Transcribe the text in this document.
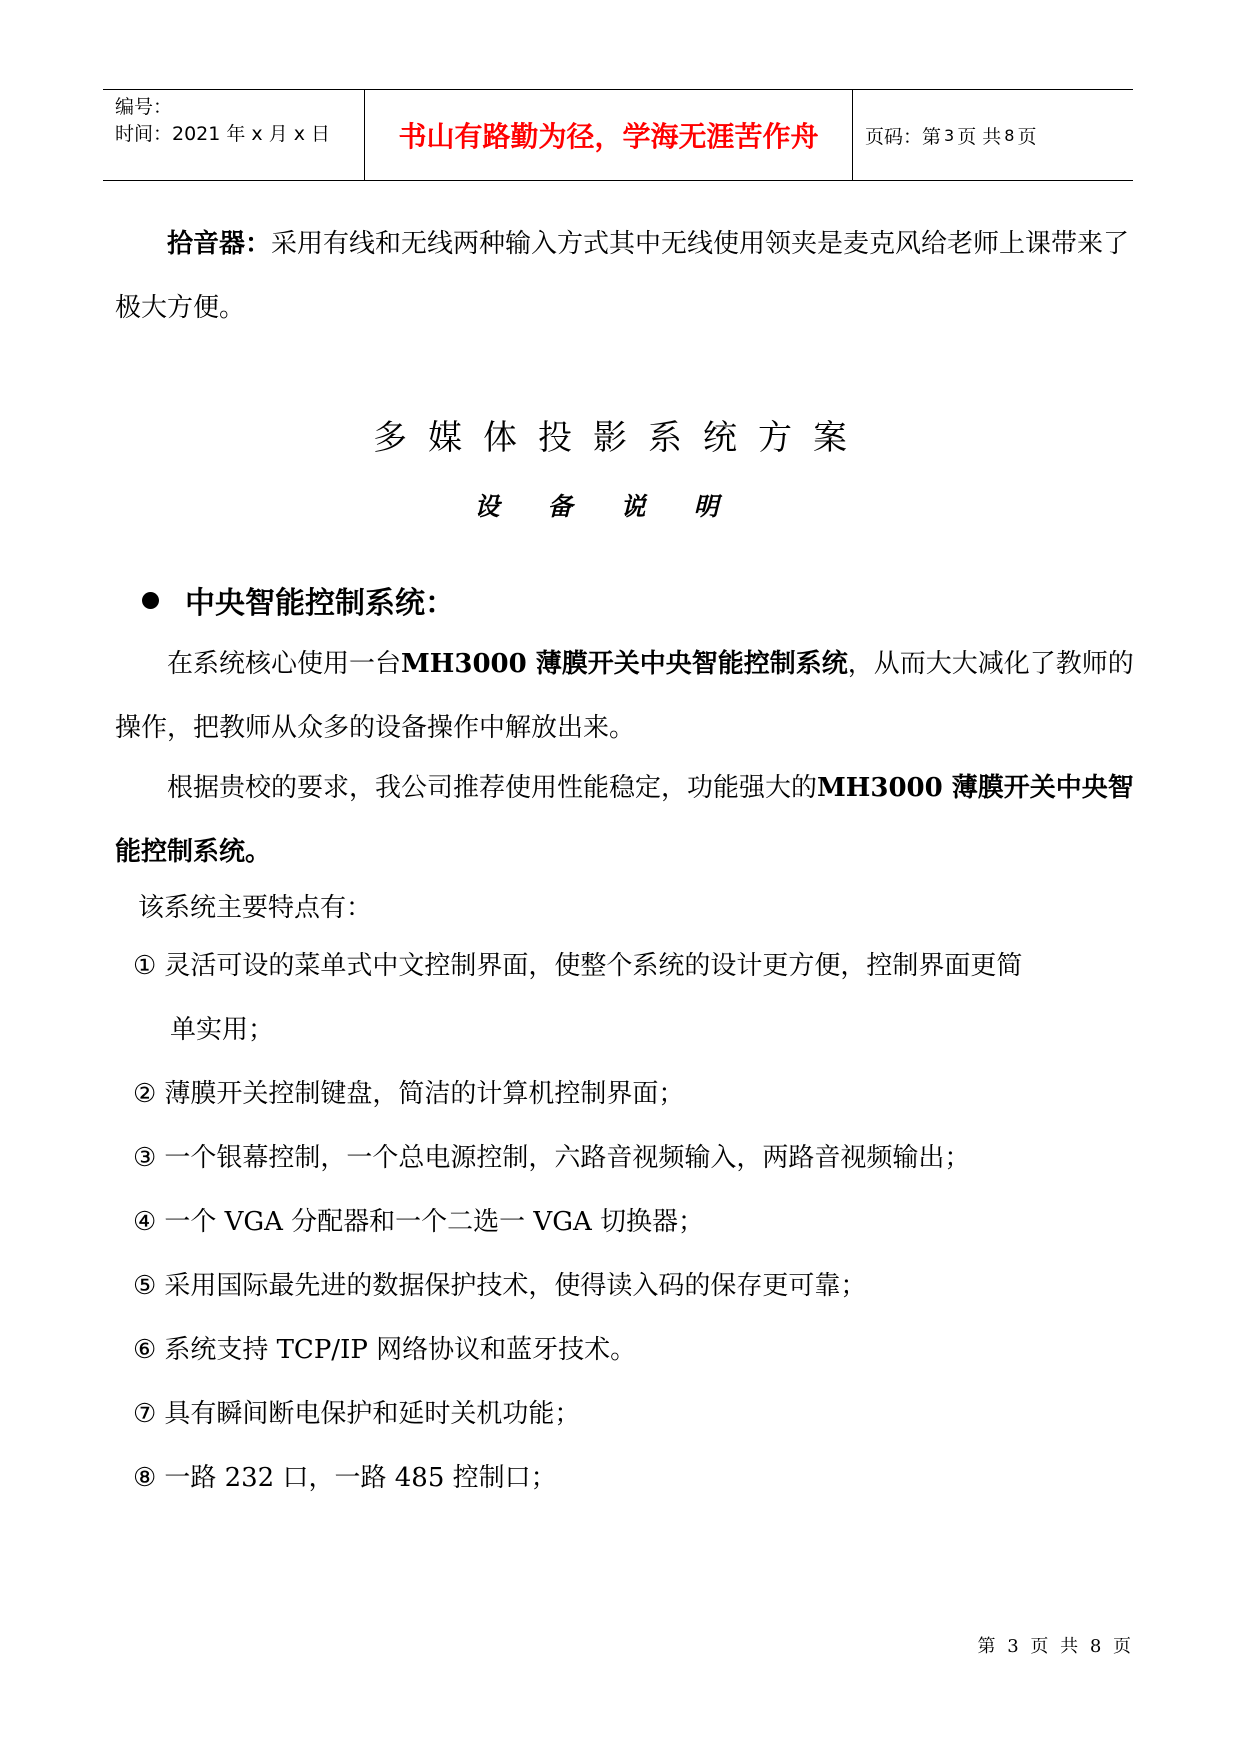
编号：
时间：2021 年 x 月 x 日	书山有路勤为径，学海无涯苦作舟	页码：第 3 页 共 8 页
拾音器：采用有线和无线两种输入方式其中无线使用领夹是麦克风给老师上课带来了极大方便。
多媒体投影系统方案
设备说明
中央智能控制系统：
在系统核心使用一台MH3000 薄膜开关中央智能控制系统，从而大大减化了教师的操作，把教师从众多的设备操作中解放出来。
根据贵校的要求，我公司推荐使用性能稳定，功能强大的MH3000 薄膜开关中央智能控制系统。
该系统主要特点有：
① 灵活可设的菜单式中文控制界面，使整个系统的设计更方便，控制界面更简
单实用；
② 薄膜开关控制键盘，简洁的计算机控制界面；
③ 一个银幕控制，一个总电源控制，六路音视频输入，两路音视频输出；
④ 一个 VGA 分配器和一个二选一 VGA 切换器；
⑤ 采用国际最先进的数据保护技术，使得读入码的保存更可靠；
⑥ 系统支持 TCP/IP 网络协议和蓝牙技术。
⑦ 具有瞬间断电保护和延时关机功能；
⑧ 一路 232 口，一路 485 控制口；
第 3 页 共 8 页
